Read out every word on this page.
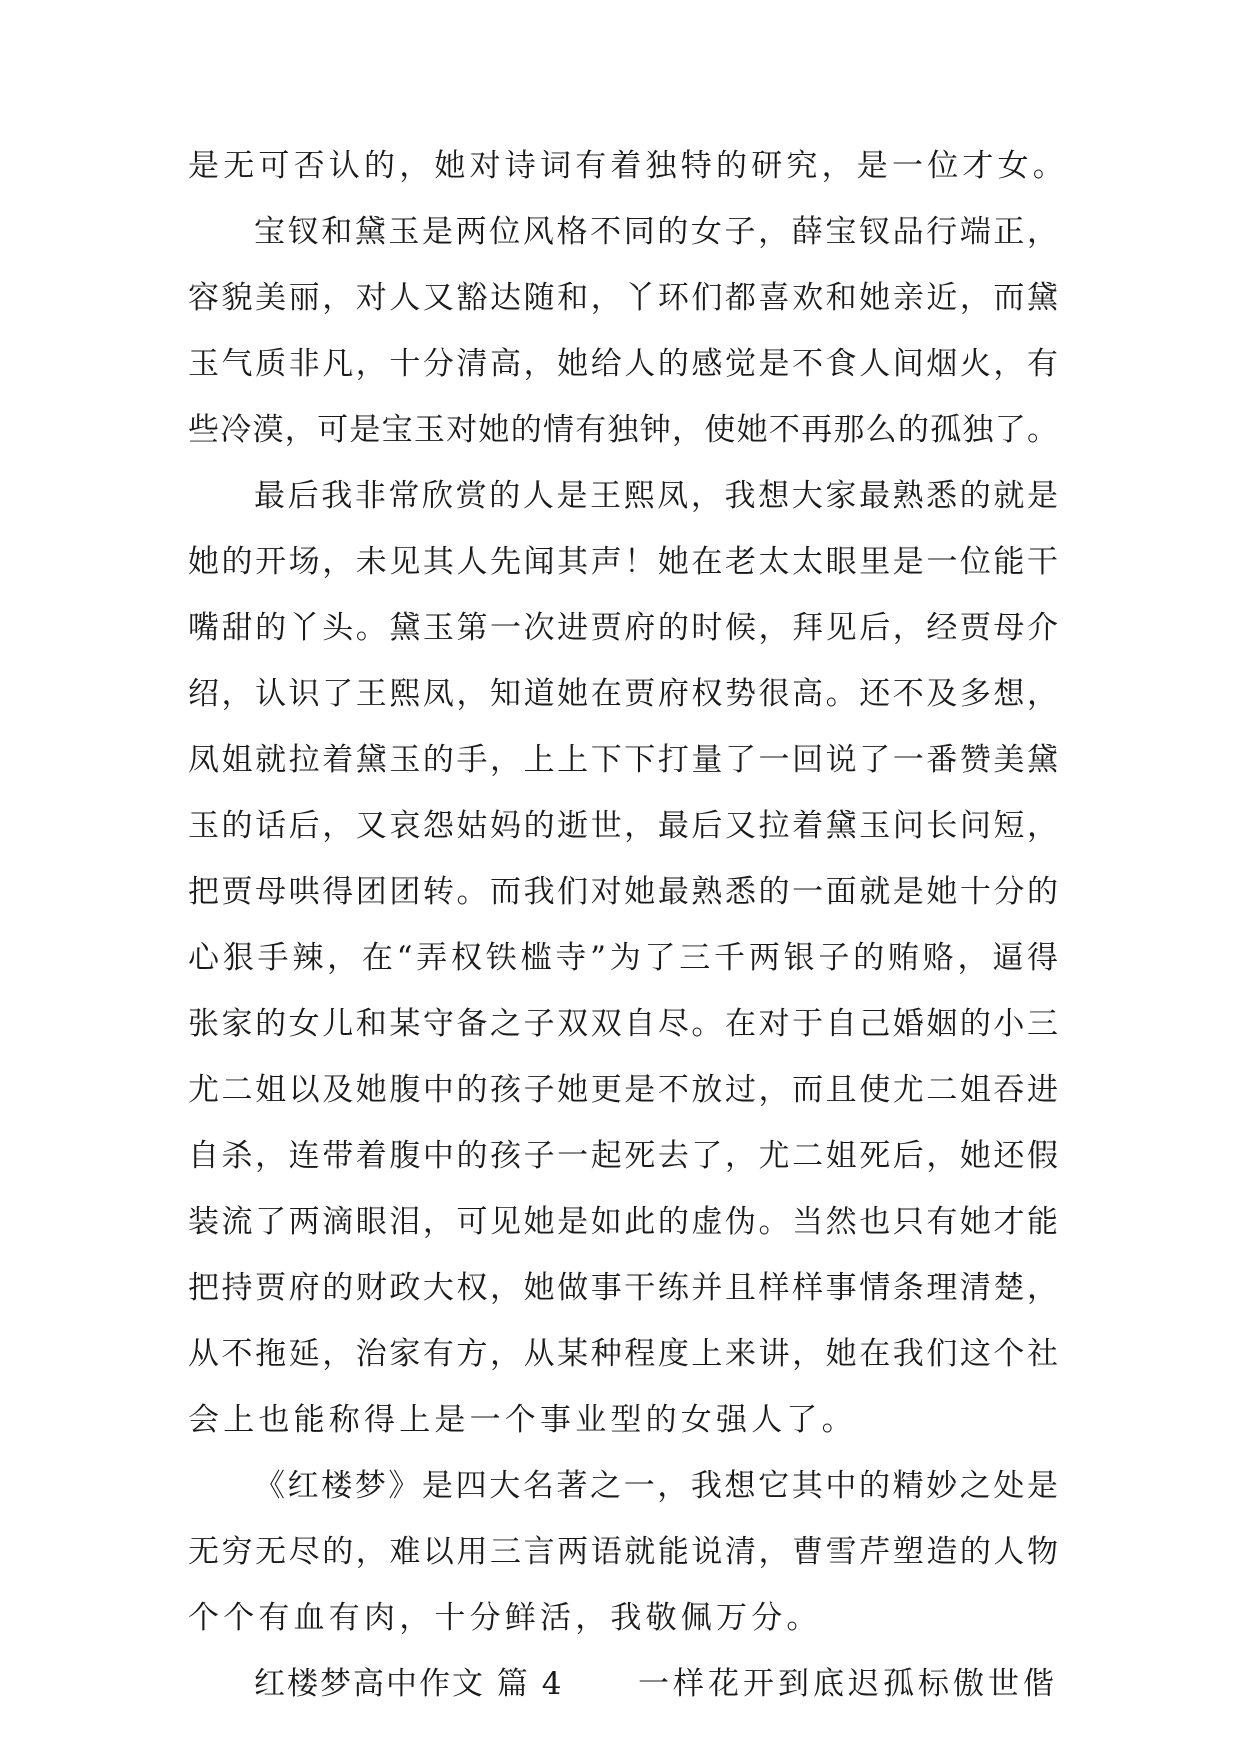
是无可否认的，她对诗词有着独特的研究，是一位才女。
宝钗和黛玉是两位风格不同的女子，薛宝钗品行端正，
容貌美丽，对人又豁达随和，丫环们都喜欢和她亲近，而黛
玉气质非凡，十分清高，她给人的感觉是不食人间烟火，有
些冷漠，可是宝玉对她的情有独钟，使她不再那么的孤独了。
最后我非常欣赏的人是王熙凤，我想大家最熟悉的就是
她的开场，未见其人先闻其声！她在老太太眼里是一位能干
嘴甜的丫头。黛玉第一次进贾府的时候，拜见后，经贾母介
绍，认识了王熙凤，知道她在贾府权势很高。还不及多想，
凤姐就拉着黛玉的手，上上下下打量了一回说了一番赞美黛
玉的话后，又哀怨姑妈的逝世，最后又拉着黛玉问长问短，
把贾母哄得团团转。而我们对她最熟悉的一面就是她十分的
心狠手辣，在“弄权铁槛寺”为了三千两银子的贿赂，逼得
张家的女儿和某守备之子双双自尽。在对于自己婚姻的小三
尤二姐以及她腹中的孩子她更是不放过，而且使尤二姐吞进
自杀，连带着腹中的孩子一起死去了，尤二姐死后，她还假
装流了两滴眼泪，可见她是如此的虚伪。当然也只有她才能
把持贾府的财政大权，她做事干练并且样样事情条理清楚，
从不拖延，治家有方，从某种程度上来讲，她在我们这个社
会上也能称得上是一个事业型的女强人了。
《红楼梦》是四大名著之一，我想它其中的精妙之处是
无穷无尽的，难以用三言两语就能说清，曹雪芹塑造的人物
个个有血有肉，十分鲜活，我敬佩万分。
红楼梦高中作文 篇 4 一样花开到底迟孤标傲世偕
